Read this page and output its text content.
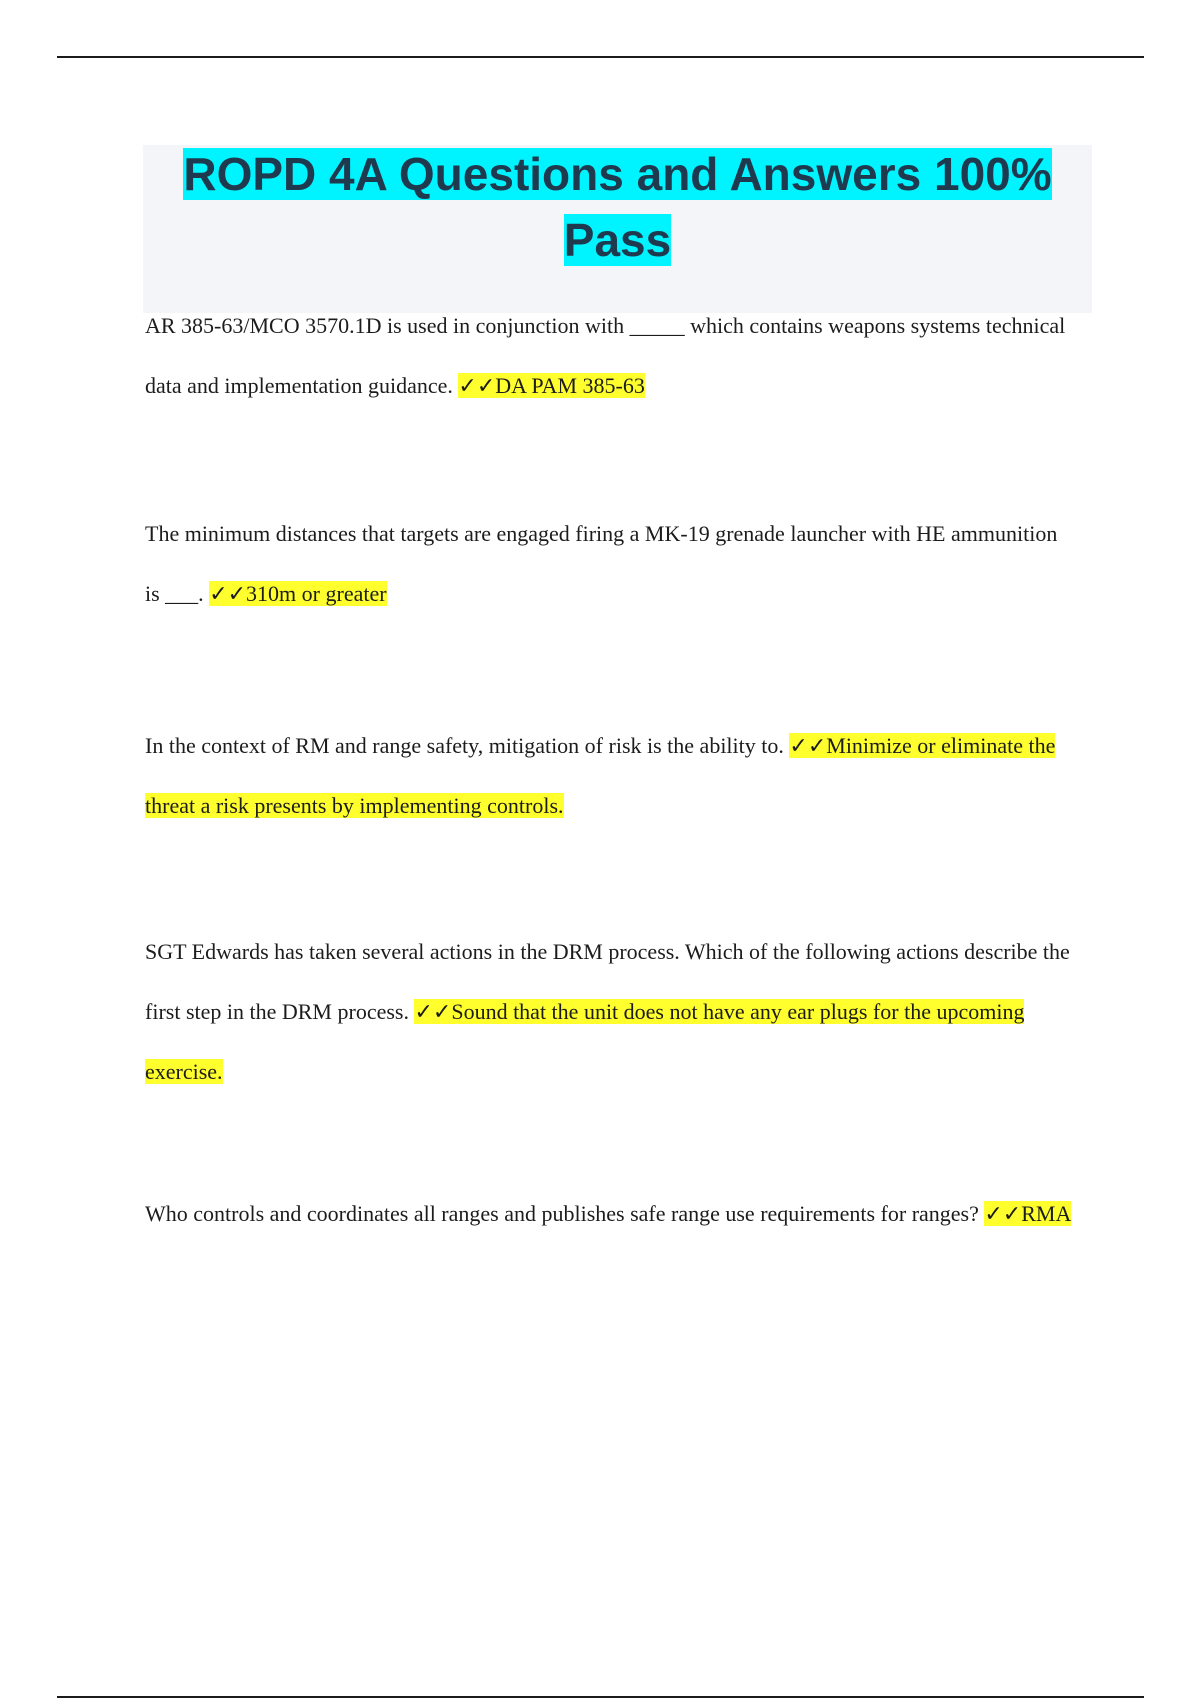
ROPD 4A Questions and Answers 100% Pass
AR 385-63/MCO 3570.1D is used in conjunction with _____ which contains weapons systems technical data and implementation guidance. ✓✓DA PAM 385-63
The minimum distances that targets are engaged firing a MK-19 grenade launcher with HE ammunition is ___. ✓✓310m or greater
In the context of RM and range safety, mitigation of risk is the ability to. ✓✓Minimize or eliminate the threat a risk presents by implementing controls.
SGT Edwards has taken several actions in the DRM process. Which of the following actions describe the first step in the DRM process. ✓✓Sound that the unit does not have any ear plugs for the upcoming exercise.
Who controls and coordinates all ranges and publishes safe range use requirements for ranges? ✓✓RMA
